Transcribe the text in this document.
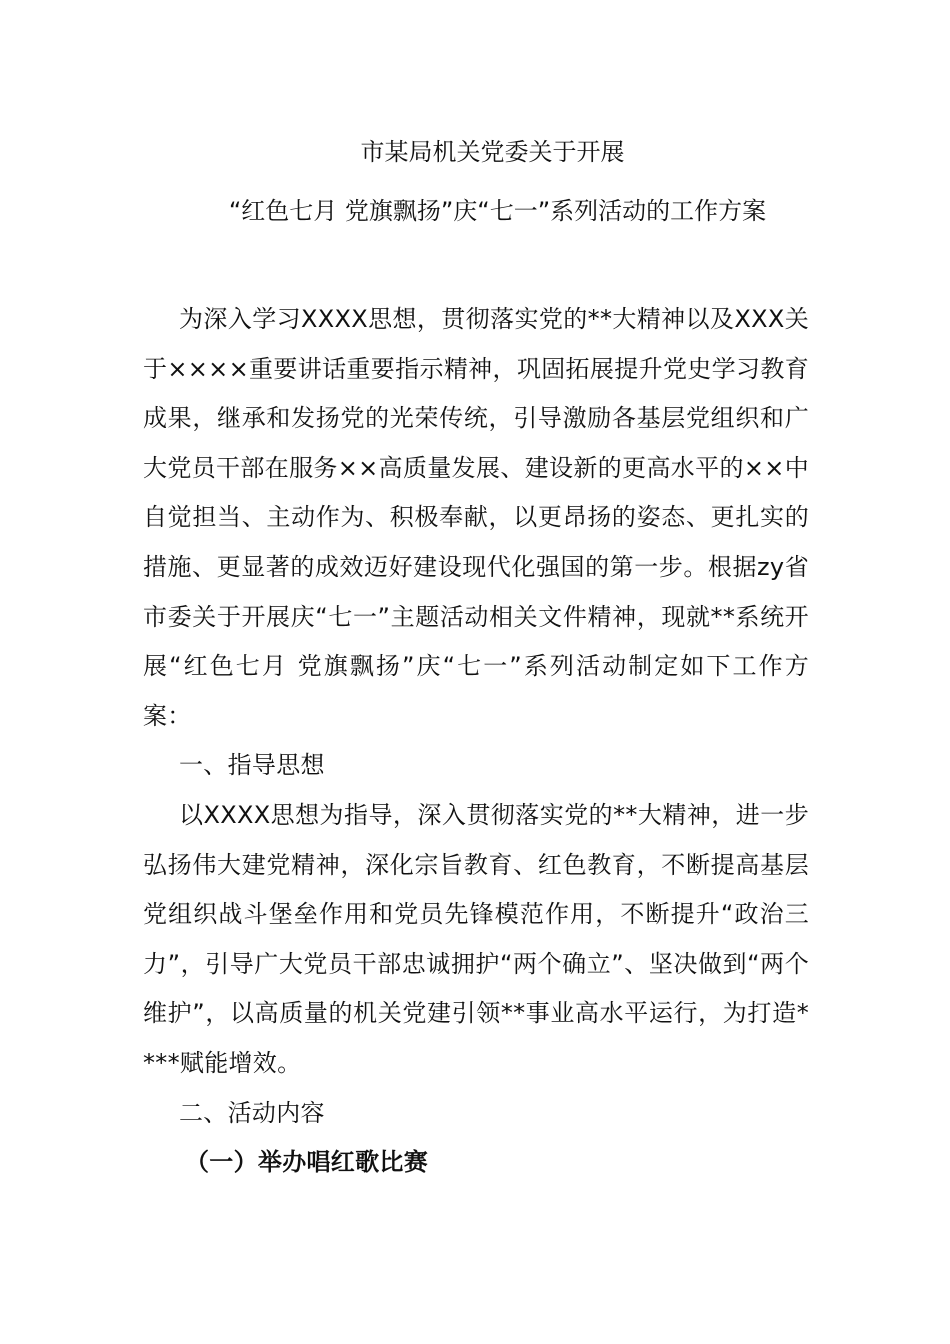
市某局机关党委关于开展
“红色七月 党旗飘扬”庆“七一”系列活动的工作方案

为深入学习XXXX思想，贯彻落实党的**大精神以及XXX关于××××重要讲话重要指示精神，巩固拓展提升党史学习教育成果，继承和发扬党的光荣传统，引导激励各基层党组织和广大党员干部在服务××高质量发展、建设新的更高水平的××中自觉担当、主动作为、积极奉献，以更昂扬的姿态、更扎实的措施、更显著的成效迈好建设现代化强国的第一步。根据zy省市委关于开展庆“七一”主题活动相关文件精神，现就**系统开展“红色七月 党旗飘扬”庆“七一”系列活动制定如下工作方案：

一、指导思想

以XXXX思想为指导，深入贯彻落实党的**大精神，进一步弘扬伟大建党精神，深化宗旨教育、红色教育，不断提高基层党组织战斗堡垒作用和党员先锋模范作用，不断提升“政治三力”，引导广大党员干部忠诚拥护“两个确立”、坚决做到“两个维护”，以高质量的机关党建引领**事业高水平运行，为打造****赋能增效。

二、活动内容

（一）举办唱红歌比赛
